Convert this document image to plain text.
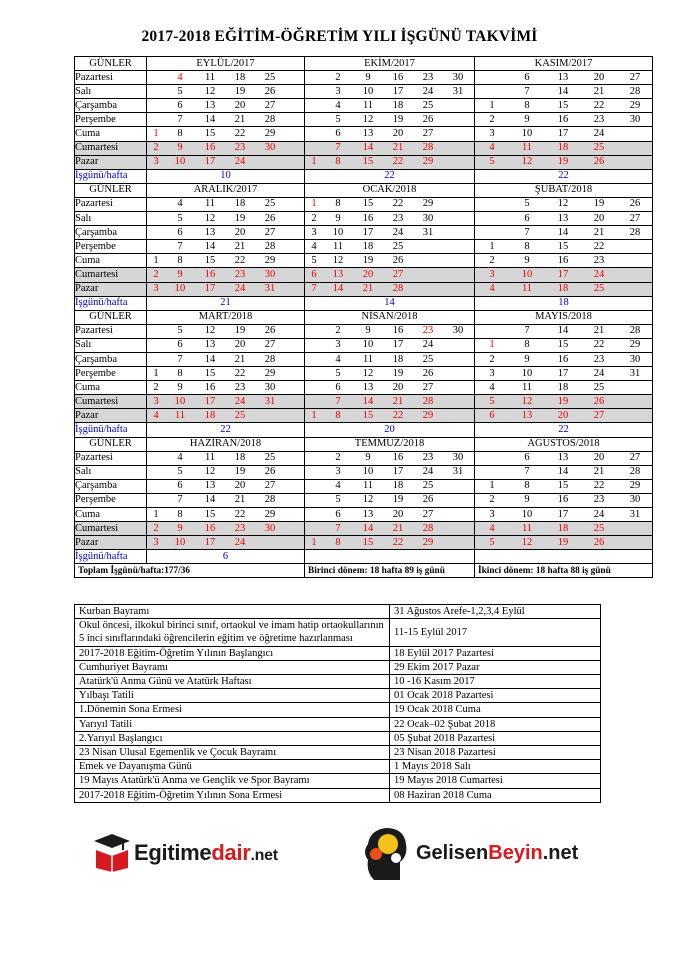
2017-2018 EĞİTİM-ÖĞRETİM YILI İŞGÜNÜ TAKVİMİ
GÜNLER	EYLÜL/2017	EKİM/2017	KASIM/2017
Pazartesi	4 11 18 25	2 9 16 23 30	6 13 20 27
Salı	5 12 19 26	3 10 17 24 31	7 14 21 28
Çarşamba	6 13 20 27	4 11 18 25	1 8 15 22 29
Perşembe	7 14 21 28	5 12 19 26	2 9 16 23 30
Cuma	1 8 15 22 29	6 13 20 27	3 10 17 24
Cumartesi	2 9 16 23 30	7 14 21 28	4 11 18 25
Pazar	3 10 17 24	1 8 15 22 29	5 12 19 26
İşgünü/hafta	10	22	22
GÜNLER	ARALIK/2017	OCAK/2018	ŞUBAT/2018
Pazartesi	4 11 18 25	1 8 15 22 29	5 12 19 26
Salı	5 12 19 26	2 9 16 23 30	6 13 20 27
Çarşamba	6 13 20 27	3 10 17 24 31	7 14 21 28
Perşembe	7 14 21 28	4 11 18 25	1 8 15 22
Cuma	1 8 15 22 29	5 12 19 26	2 9 16 23
Cumartesi	2 9 16 23 30	6 13 20 27	3 10 17 24
Pazar	3 10 17 24 31	7 14 21 28	4 11 18 25
İşgünü/hafta	21	14	18
GÜNLER	MART/2018	NİSAN/2018	MAYIS/2018
Pazartesi	5 12 19 26	2 9 16 23 30	7 14 21 28
Salı	6 13 20 27	3 10 17 24	1 8 15 22 29
Çarşamba	7 14 21 28	4 11 18 25	2 9 16 23 30
Perşembe	1 8 15 22 29	5 12 19 26	3 10 17 24 31
Cuma	2 9 16 23 30	6 13 20 27	4 11 18 25
Cumartesi	3 10 17 24 31	7 14 21 28	5 12 19 26
Pazar	4 11 18 25	1 8 15 22 29	6 13 20 27
İşgünü/hafta	22	20	22
GÜNLER	HAZİRAN/2018	TEMMUZ/2018	AĞUSTOS/2018
Pazartesi	4 11 18 25	2 9 16 23 30	6 13 20 27
Salı	5 12 19 26	3 10 17 24 31	7 14 21 28
Çarşamba	6 13 20 27	4 11 18 25	1 8 15 22 29
Perşembe	7 14 21 28	5 12 19 26	2 9 16 23 30
Cuma	1 8 15 22 29	6 13 20 27	3 10 17 24 31
Cumartesi	2 9 16 23 30	7 14 21 28	4 11 18 25
Pazar	3 10 17 24	1 8 15 22 29	5 12 19 26
İşgünü/hafta	6		
Toplam İşgünü/hafta:177/36		Birinci dönem: 18 hafta 89 iş günü	İkinci dönem: 18 hafta 88 iş günü
Kurban Bayramı	31 Ağustos Arefe-1,2,3,4 Eylül
Okul öncesi, ilkokul birinci sınıf, ortaokul ve imam hatip ortaokullarının 5 inci sınıflarındaki öğrencilerin eğitim ve öğretime hazırlanması	11-15 Eylül 2017
2017-2018 Eğitim-Öğretim Yılının Başlangıcı	18 Eylül 2017 Pazartesi
Cumhuriyet Bayramı	29 Ekim 2017 Pazar
Atatürk'ü Anma Günü ve Atatürk Haftası	10 -16 Kasım 2017
Yılbaşı Tatili	01 Ocak 2018 Pazartesi
1.Dönemin Sona Ermesi	19 Ocak 2018 Cuma
Yarıyıl Tatili	22 Ocak–02 Şubat 2018
2.Yarıyıl Başlangıcı	05 Şubat 2018 Pazartesi
23 Nisan Ulusal Egemenlik ve Çocuk Bayramı	23 Nisan 2018 Pazartesi
Emek ve Dayanışma Günü	1 Mayıs 2018 Salı
19 Mayıs Atatürk'ü Anma ve Gençlik ve Spor Bayramı	19 Mayıs 2018 Cumartesi
2017-2018 Eğitim-Öğretim Yılının Sona Ermesi	08 Haziran 2018 Cuma
Egitimedair.net	GelisenBeyin.net
